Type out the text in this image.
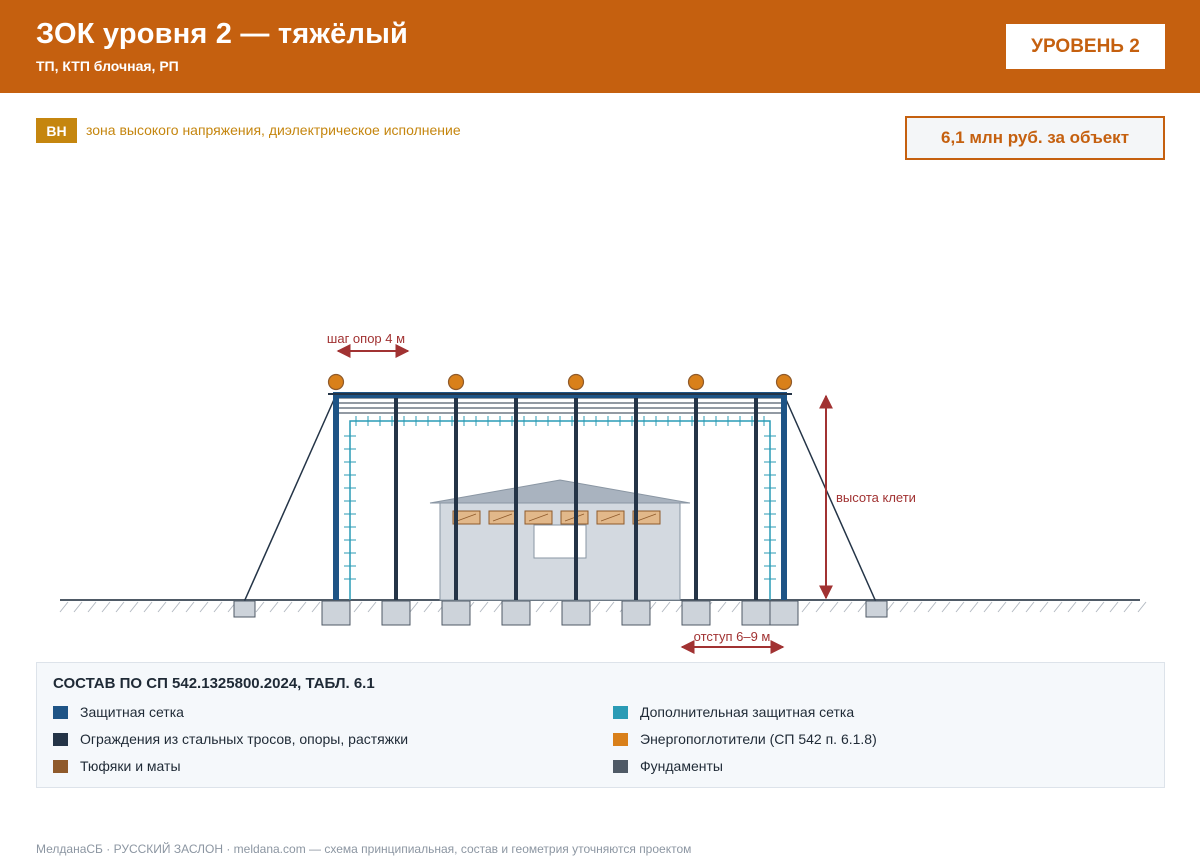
ЗОК уровня 2 — тяжёлый
ТП, КТП блочная, РП
УРОВЕНЬ 2
ВН	зона высокого напряжения, диэлектрическое исполнение	6,1 млн руб. за объект
шаг опор 4 м
высота клети
отступ 6–9 м
СОСТАВ ПО СП 542.1325800.2024, ТАБЛ. 6.1
Защитная сетка	Дополнительная защитная сетка
Ограждения из стальных тросов, опоры, растяжки	Энергопоглотители (СП 542 п. 6.1.8)
Тюфяки и маты	Фундаменты
МелданаСБ · РУССКИЙ ЗАСЛОН · meldana.com — схема принципиальная, состав и геометрия уточняются проектом
